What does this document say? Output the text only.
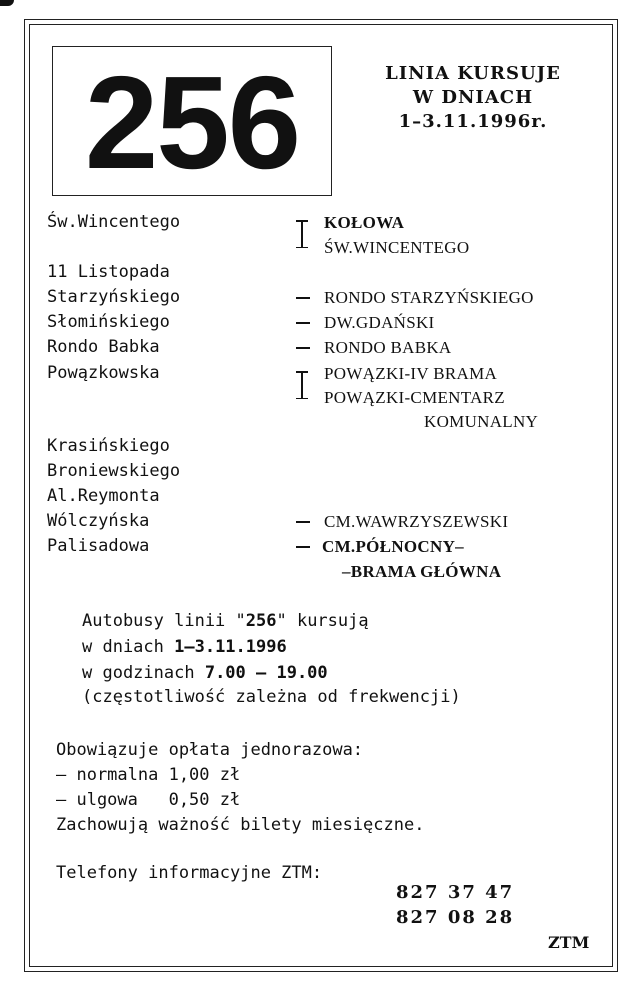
256	LINIA KURSUJE
W DNIACH
1–3.11.1996r.
Św.Wincentego
11 Listopada
Starzyńskiego
Słomińskiego
Rondo Babka
Powązkowska
Krasińskiego
Broniewskiego
Al.Reymonta
Wólczyńska
Palisadowa
KOŁOWA
ŚW.WINCENTEGO
RONDO STARZYŃSKIEGO
DW.GDAŃSKI
RONDO BABKA
POWĄZKI-IV BRAMA
POWĄZKI-CMENTARZ
KOMUNALNY
CM.WAWRZYSZEWSKI
CM.PÓŁNOCNY–
–BRAMA GŁÓWNA
Autobusy linii "256" kursują
w dniach 1–3.11.1996
w godzinach 7.00 – 19.00
(częstotliwość zależna od frekwencji)
Obowiązuje opłata jednorazowa:
– normalna 1,00 zł
– ulgowa   0,50 zł
Zachowują ważność bilety miesięczne.
Telefony informacyjne ZTM:
827 37 47
827 08 28
ZTM
